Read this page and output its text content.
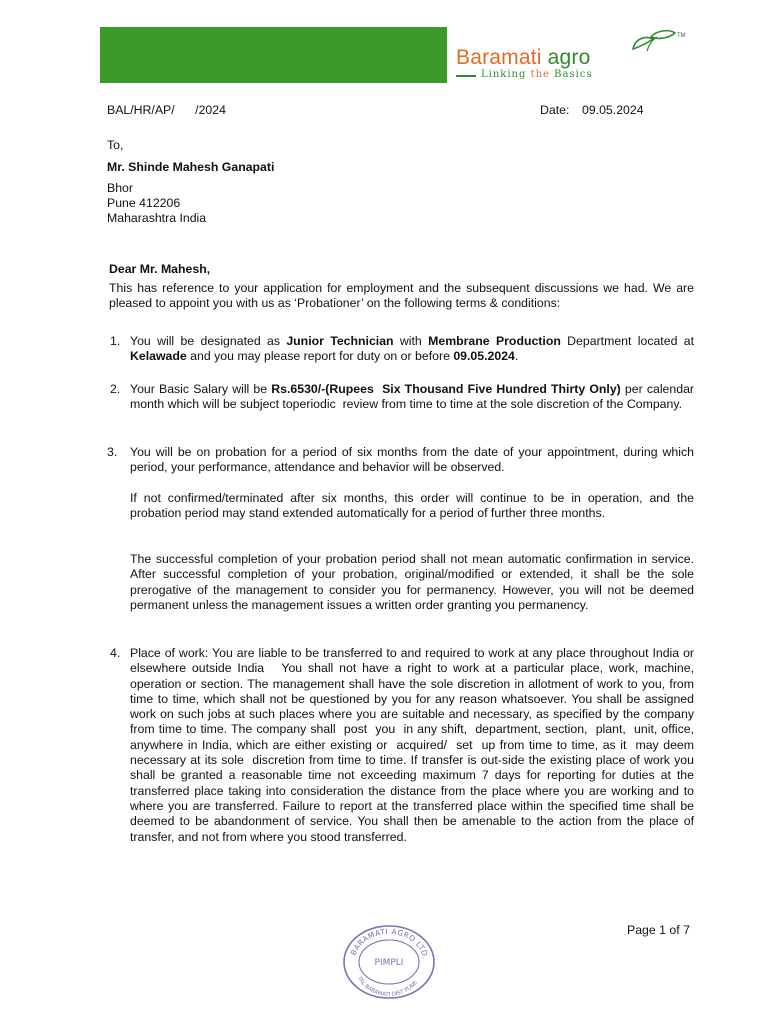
TM
Baramati agro
Linking the Basics

BAL/HR/AP/      /2024	Date: 09.05.2024

To,

Mr. Shinde Mahesh Ganapati

Bhor

Pune 412206

Maharashtra India

Dear Mr. Mahesh,

This has reference to your application for employment and the subsequent discussions we had. We are pleased to appoint you with us as ‘Probationer’ on the following terms & conditions:

1. You will be designated as Junior Technician with Membrane Production Department located at Kelawade and you may please report for duty on or before 09.05.2024.

2. Your Basic Salary will be Rs.6530/-(Rupees  Six Thousand Five Hundred Thirty Only) per calendar month which will be subject toperiodic  review from time to time at the sole discretion of the Company.

3. You will be on probation for a period of six months from the date of your appointment, during which period, your performance, attendance and behavior will be observed.

If not confirmed/terminated after six months, this order will continue to be in operation, and the probation period may stand extended automatically for a period of further three months.

The successful completion of your probation period shall not mean automatic confirmation in service. After successful completion of your probation, original/modified or extended, it shall be the sole prerogative of the management to consider you for permanency. However, you will not be deemed permanent unless the management issues a written order granting you permanency.

4. Place of work: You are liable to be transferred to and required to work at any place throughout India or elsewhere outside India   You shall not have a right to work at a particular place, work, machine, operation or section. The management shall have the sole discretion in allotment of work to you, from time to time, which shall not be questioned by you for any reason whatsoever. You shall be assigned work on such jobs at such places where you are suitable and necessary, as specified by the company from time to time. The company shall  post  you  in any shift,  department, section,  plant,  unit, office, anywhere in India, which are either existing or  acquired/  set  up from time to time, as it  may deem  necessary at its sole  discretion from time to time. If transfer is out-side the existing place of work you shall be granted a reasonable time not exceeding maximum 7 days for reporting for duties at the transferred place taking into consideration the distance from the place where you are working and to where you are transferred. Failure to report at the transferred place within the specified time shall be deemed to be abandonment of service. You shall then be amenable to the action from the place of transfer, and not from where you stood transferred.

Page 1 of 7

BARAMATI AGRO LTD.
PIMPLI
TAL BARAMATI DIST PUNE
